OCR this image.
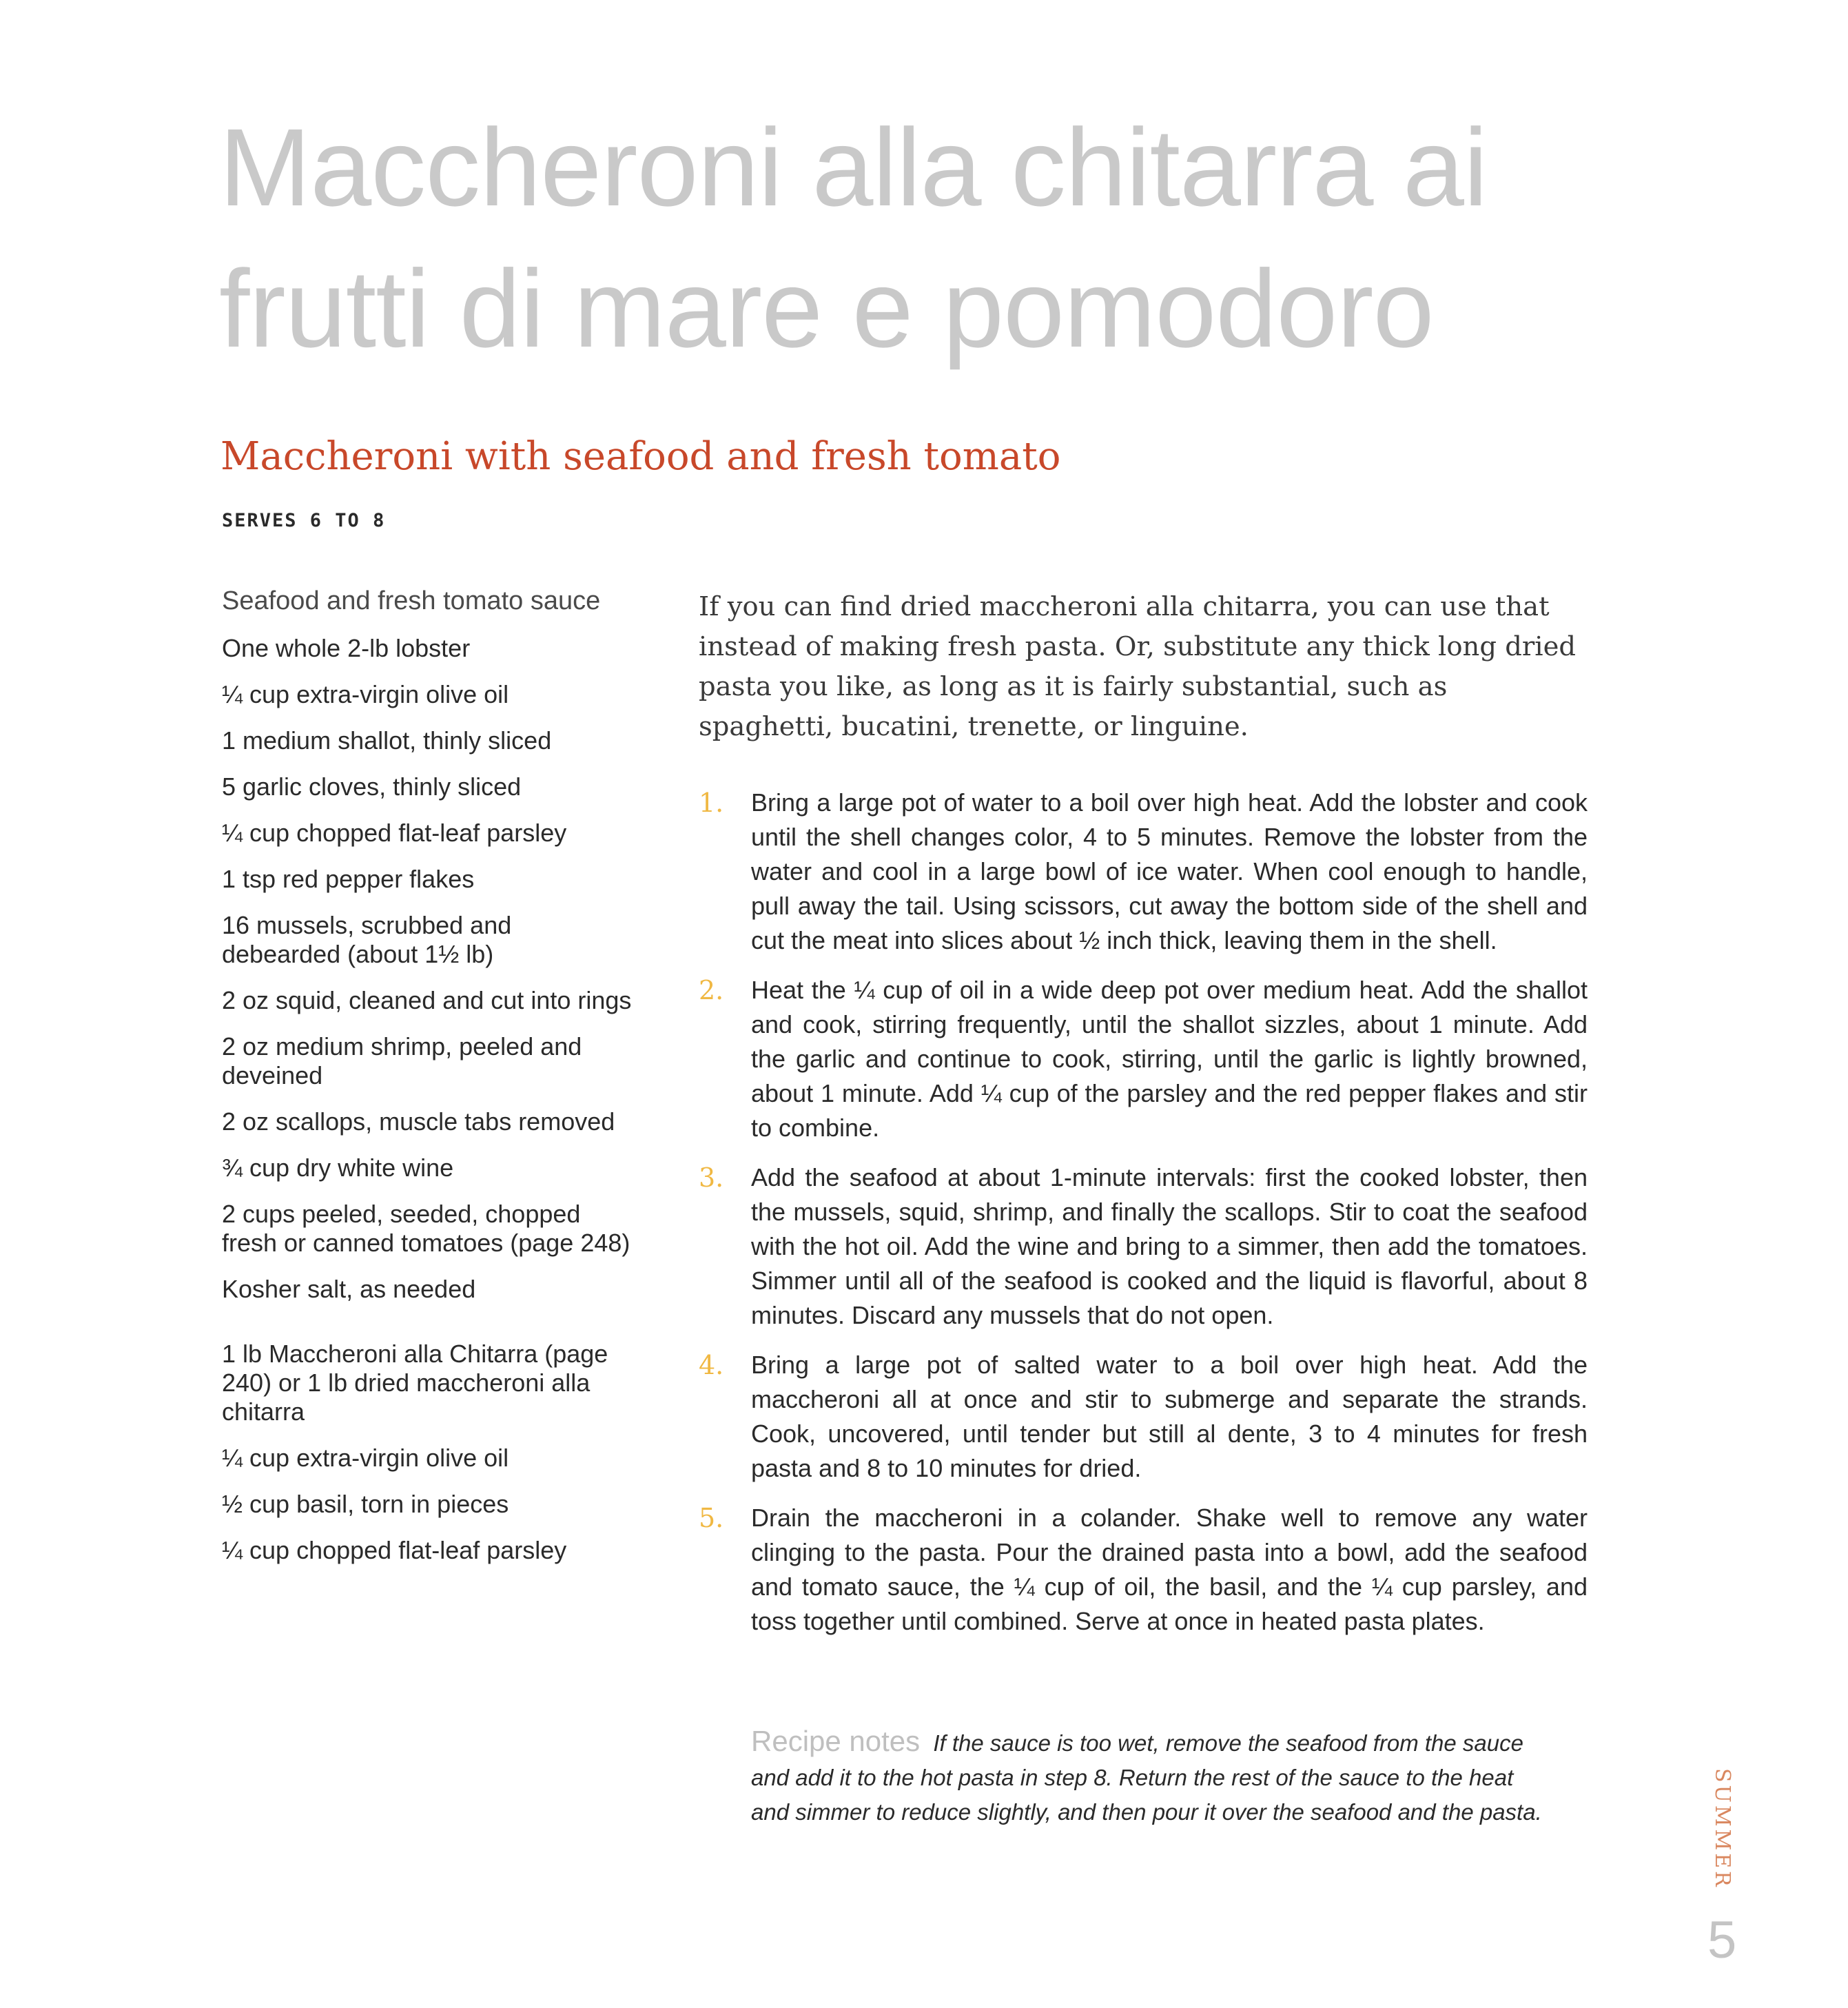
Maccheroni alla chitarra ai
frutti di mare e pomodoro
Maccheroni with seafood and fresh tomato
SERVES 6 TO 8
Seafood and fresh tomato sauce
One whole 2-lb lobster
¼ cup extra-virgin olive oil
1 medium shallot, thinly sliced
5 garlic cloves, thinly sliced
¼ cup chopped flat-leaf parsley
1 tsp red pepper flakes
16 mussels, scrubbed and debearded (about 1½ lb)
2 oz squid, cleaned and cut into rings
2 oz medium shrimp, peeled and deveined
2 oz scallops, muscle tabs removed
¾ cup dry white wine
2 cups peeled, seeded, chopped fresh or canned tomatoes (page 248)
Kosher salt, as needed
1 lb Maccheroni alla Chitarra (page 240) or 1 lb dried maccheroni alla chitarra
¼ cup extra-virgin olive oil
½ cup basil, torn in pieces
¼ cup chopped flat-leaf parsley

If you can find dried maccheroni alla chitarra, you can use that instead of making fresh pasta. Or, substitute any thick long dried pasta you like, as long as it is fairly substantial, such as spaghetti, bucatini, trenette, or linguine.

1. Bring a large pot of water to a boil over high heat. Add the lobster and cook until the shell changes color, 4 to 5 minutes. Remove the lobster from the water and cool in a large bowl of ice water. When cool enough to handle, pull away the tail. Using scissors, cut away the bottom side of the shell and cut the meat into slices about ½ inch thick, leaving them in the shell.
2. Heat the ¼ cup of oil in a wide deep pot over medium heat. Add the shallot and cook, stirring frequently, until the shallot sizzles, about 1 minute. Add the garlic and continue to cook, stirring, until the garlic is lightly browned, about 1 minute. Add ¼ cup of the parsley and the red pepper flakes and stir to combine.
3. Add the seafood at about 1-minute intervals: first the cooked lobster, then the mussels, squid, shrimp, and finally the scallops. Stir to coat the seafood with the hot oil. Add the wine and bring to a simmer, then add the tomatoes. Simmer until all of the seafood is cooked and the liquid is flavorful, about 8 minutes. Discard any mussels that do not open.
4. Bring a large pot of salted water to a boil over high heat. Add the maccheroni all at once and stir to submerge and separate the strands. Cook, uncovered, until tender but still al dente, 3 to 4 minutes for fresh pasta and 8 to 10 minutes for dried.
5. Drain the maccheroni in a colander. Shake well to remove any water clinging to the pasta. Pour the drained pasta into a bowl, add the seafood and tomato sauce, the ¼ cup of oil, the basil, and the ¼ cup parsley, and toss together until combined. Serve at once in heated pasta plates.
Recipe notes If the sauce is too wet, remove the seafood from the sauce and add it to the hot pasta in step 8. Return the rest of the sauce to the heat and simmer to reduce slightly, and then pour it over the seafood and the pasta.	SUMMER
5
